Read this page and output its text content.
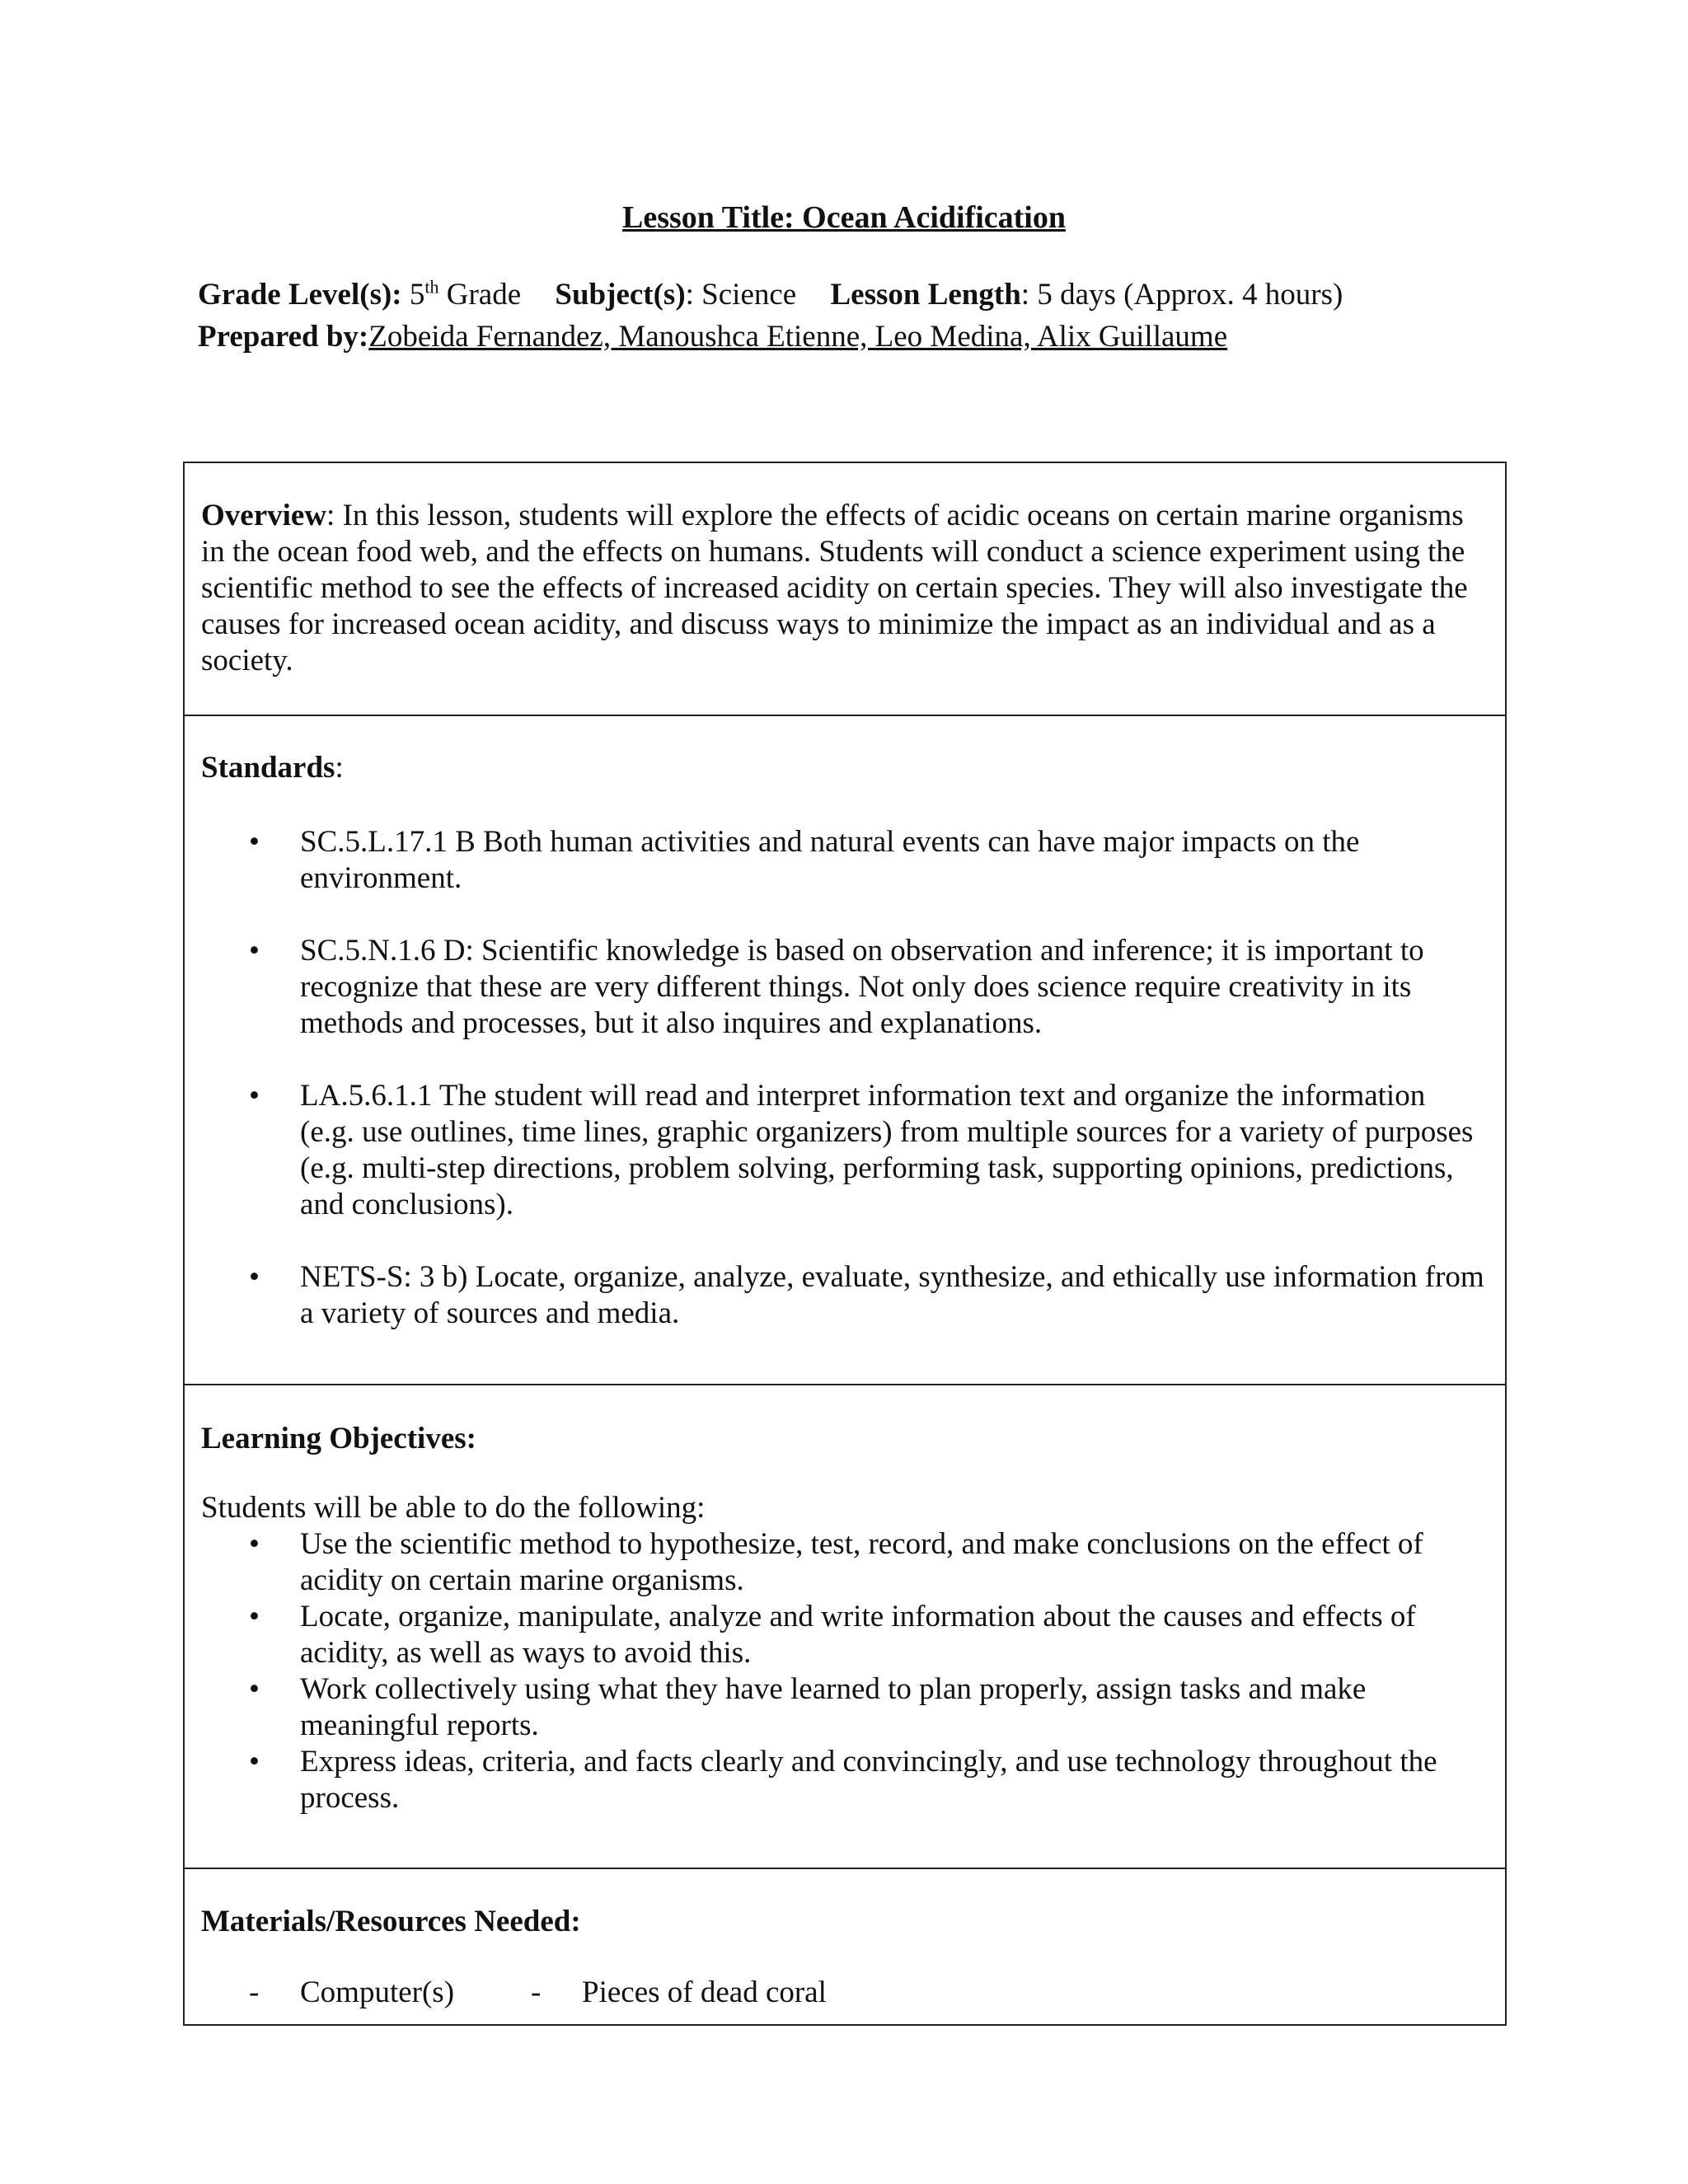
Lesson Title: Ocean Acidification
Grade Level(s): 5th Grade Subject(s): Science Lesson Length: 5 days (Approx. 4 hours)
Prepared by:Zobeida Fernandez, Manoushca Etienne, Leo Medina, Alix Guillaume

Overview: In this lesson, students will explore the effects of acidic oceans on certain marine organisms in the ocean food web, and the effects on humans. Students will conduct a science experiment using the scientific method to see the effects of increased acidity on certain species. They will also investigate the causes for increased ocean acidity, and discuss ways to minimize the impact as an individual and as a society.

Standards:
• SC.5.L.17.1 B Both human activities and natural events can have major impacts on the environment.
• SC.5.N.1.6 D: Scientific knowledge is based on observation and inference; it is important to recognize that these are very different things. Not only does science require creativity in its methods and processes, but it also inquires and explanations.
• LA.5.6.1.1 The student will read and interpret information text and organize the information (e.g. use outlines, time lines, graphic organizers) from multiple sources for a variety of purposes (e.g. multi-step directions, problem solving, performing task, supporting opinions, predictions, and conclusions).
• NETS-S: 3 b) Locate, organize, analyze, evaluate, synthesize, and ethically use information from a variety of sources and media.
Learning Objectives:
Students will be able to do the following:
• Use the scientific method to hypothesize, test, record, and make conclusions on the effect of acidity on certain marine organisms.
• Locate, organize, manipulate, analyze and write information about the causes and effects of acidity, as well as ways to avoid this.
• Work collectively using what they have learned to plan properly, assign tasks and make meaningful reports.
• Express ideas, criteria, and facts clearly and convincingly, and use technology throughout the process.
Materials/Resources Needed:
- Computer(s)	- Pieces of dead coral
